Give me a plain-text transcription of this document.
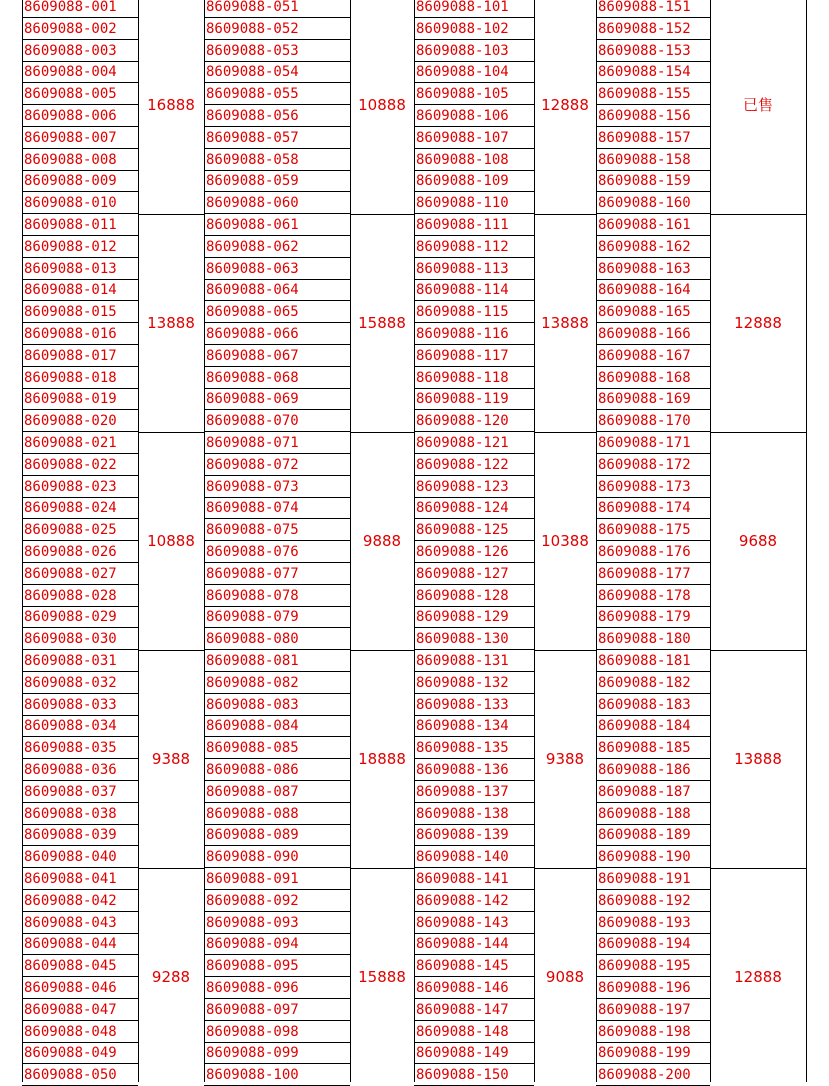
8609088-001
8609088-002
8609088-003
8609088-004
8609088-005
8609088-006
8609088-007
8609088-008
8609088-009
8609088-010
8609088-011
8609088-012
8609088-013
8609088-014
8609088-015
8609088-016
8609088-017
8609088-018
8609088-019
8609088-020
8609088-021
8609088-022
8609088-023
8609088-024
8609088-025
8609088-026
8609088-027
8609088-028
8609088-029
8609088-030
8609088-031
8609088-032
8609088-033
8609088-034
8609088-035
8609088-036
8609088-037
8609088-038
8609088-039
8609088-040
8609088-041
8609088-042
8609088-043
8609088-044
8609088-045
8609088-046
8609088-047
8609088-048
8609088-049
8609088-050
16888
13888
10888
9388
9288
8609088-051
8609088-052
8609088-053
8609088-054
8609088-055
8609088-056
8609088-057
8609088-058
8609088-059
8609088-060
8609088-061
8609088-062
8609088-063
8609088-064
8609088-065
8609088-066
8609088-067
8609088-068
8609088-069
8609088-070
8609088-071
8609088-072
8609088-073
8609088-074
8609088-075
8609088-076
8609088-077
8609088-078
8609088-079
8609088-080
8609088-081
8609088-082
8609088-083
8609088-084
8609088-085
8609088-086
8609088-087
8609088-088
8609088-089
8609088-090
8609088-091
8609088-092
8609088-093
8609088-094
8609088-095
8609088-096
8609088-097
8609088-098
8609088-099
8609088-100
10888
15888
9888
18888
15888
8609088-101
8609088-102
8609088-103
8609088-104
8609088-105
8609088-106
8609088-107
8609088-108
8609088-109
8609088-110
8609088-111
8609088-112
8609088-113
8609088-114
8609088-115
8609088-116
8609088-117
8609088-118
8609088-119
8609088-120
8609088-121
8609088-122
8609088-123
8609088-124
8609088-125
8609088-126
8609088-127
8609088-128
8609088-129
8609088-130
8609088-131
8609088-132
8609088-133
8609088-134
8609088-135
8609088-136
8609088-137
8609088-138
8609088-139
8609088-140
8609088-141
8609088-142
8609088-143
8609088-144
8609088-145
8609088-146
8609088-147
8609088-148
8609088-149
8609088-150
12888
13888
10388
9388
9088
8609088-151
8609088-152
8609088-153
8609088-154
8609088-155
8609088-156
8609088-157
8609088-158
8609088-159
8609088-160
8609088-161
8609088-162
8609088-163
8609088-164
8609088-165
8609088-166
8609088-167
8609088-168
8609088-169
8609088-170
8609088-171
8609088-172
8609088-173
8609088-174
8609088-175
8609088-176
8609088-177
8609088-178
8609088-179
8609088-180
8609088-181
8609088-182
8609088-183
8609088-184
8609088-185
8609088-186
8609088-187
8609088-188
8609088-189
8609088-190
8609088-191
8609088-192
8609088-193
8609088-194
8609088-195
8609088-196
8609088-197
8609088-198
8609088-199
8609088-200
已售
12888
9688
13888
12888
